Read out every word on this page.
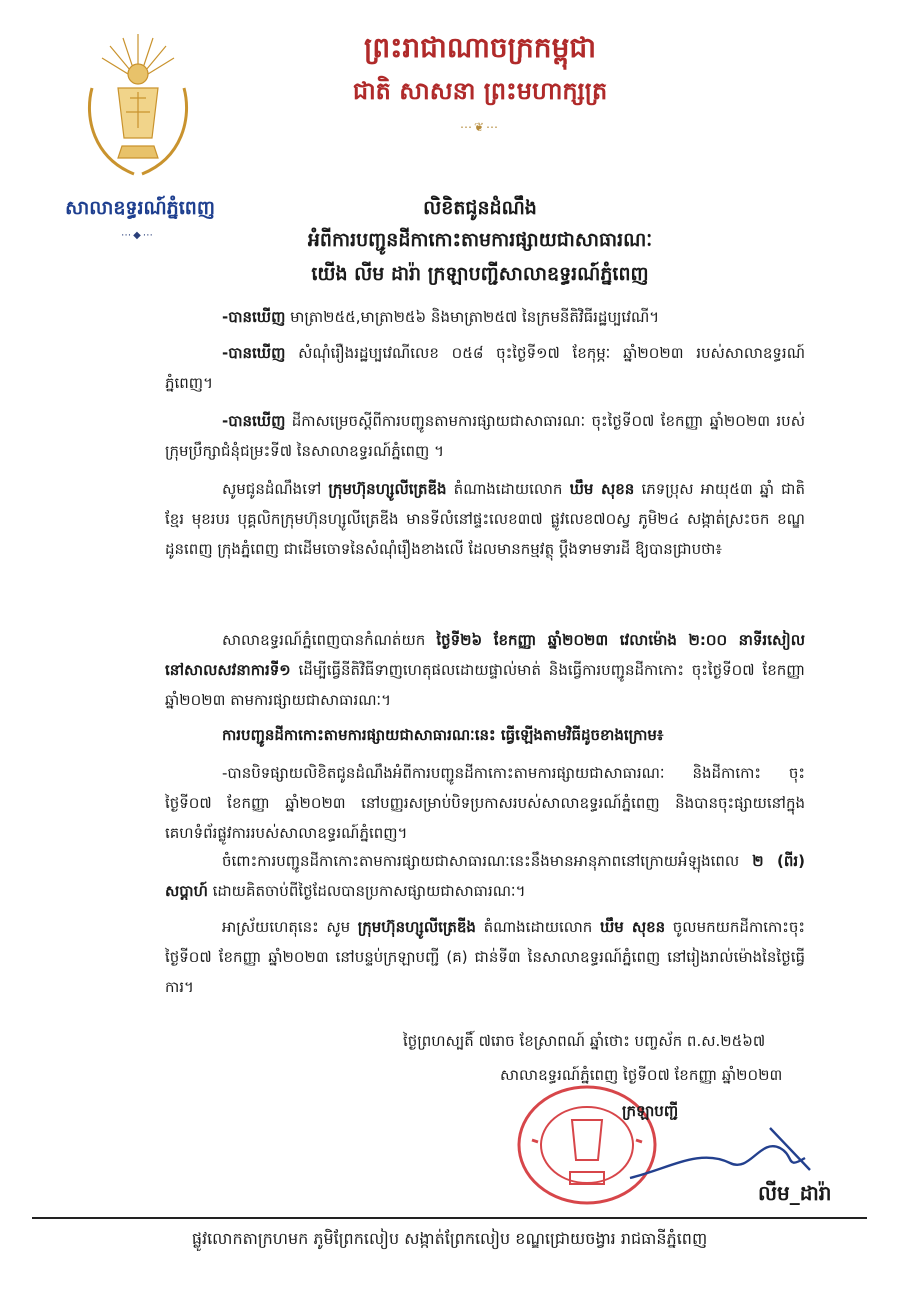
សាលាឧទ្ធរណ៍ភ្នំពេញ
⋯◆⋯
ព្រះរាជាណាចក្រកម្ពុជា
ជាតិ សាសនា ព្រះមហាក្សត្រ
⋯❦⋯
លិខិតជូនដំណឹង
អំពីការបញ្ជូនដីកាកោះតាមការផ្សាយជាសាធារណៈ
យើង លីម ដារ៉ា ក្រឡាបញ្ជីសាលាឧទ្ធរណ៍ភ្នំពេញ
-បានឃើញ មាត្រា២៥៥,មាត្រា២៥៦ និងមាត្រា២៥៧ នៃក្រមនីតិវិធីរដ្ឋប្បវេណី។
-បានឃើញ សំណុំរឿងរដ្ឋប្បវេណីលេខ ០៥៨ ចុះថ្ងៃទី១៧ ខែកុម្ភៈ ឆ្នាំ២០២៣ របស់សាលាឧទ្ធរណ៍ភ្នំពេញ។
-បានឃើញ ដីកាសម្រេចស្តីពីការបញ្ជូនតាមការផ្សាយជាសាធារណៈ ចុះថ្ងៃទី០៧ ខែកញ្ញា ឆ្នាំ២០២៣ របស់ក្រុមប្រឹក្សាជំនុំជម្រះទី៧ នៃសាលាឧទ្ធរណ៍ភ្នំពេញ ។
សូមជូនដំណឹងទៅ ក្រុមហ៊ុនហ្សូលីត្រេឌីង តំណាងដោយលោក ឃឹម សុខន ភេទប្រុស អាយុ៥៣ ឆ្នាំ ជាតិខ្មែរ មុខរបរ បុគ្គលិកក្រុមហ៊ុនហ្សូលីត្រេឌីង មានទីលំនៅផ្ទះលេខ៣៧ ផ្លូវលេខ៧០ស្វ ភូមិ២៤ សង្កាត់ស្រះចក ខណ្ឌដូនពេញ ក្រុងភ្នំពេញ ជាដើមចោទនៃសំណុំរឿងខាងលើ ដែលមានកម្មវត្ថុ ប្តឹងទាមទារដី ឱ្យបានជ្រាបថា៖
សាលាឧទ្ធរណ៍ភ្នំពេញបានកំណត់យក ថ្ងៃទី២៦ ខែកញ្ញា ឆ្នាំ២០២៣ វេលាម៉ោង ២:០០ នាទីរសៀល នៅសាលសវនាការទី១ ដើម្បីធ្វើនីតិវិធីទាញហេតុផលដោយផ្ទាល់មាត់ និងធ្វើការបញ្ជូនដីកាកោះ ចុះថ្ងៃទី០៧ ខែកញ្ញា ឆ្នាំ២០២៣ តាមការផ្សាយជាសាធារណៈ។
ការបញ្ជូនដីកាកោះតាមការផ្សាយជាសាធារណៈនេះ ធ្វើឡើងតាមវិធីដូចខាងក្រោម៖
-បានបិទផ្សាយលិខិតជូនដំណឹងអំពីការបញ្ជូនដីកាកោះតាមការផ្សាយជាសាធារណៈ និងដីកាកោះ ចុះថ្ងៃទី០៧ ខែកញ្ញា ឆ្នាំ២០២៣ នៅបញ្ញរសម្រាប់បិទប្រកាសរបស់សាលាឧទ្ធរណ៍ភ្នំពេញ និងបានចុះផ្សាយនៅក្នុងគេហទំព័រផ្លូវការរបស់សាលាឧទ្ធរណ៍ភ្នំពេញ។
ចំពោះការបញ្ជូនដីកាកោះតាមការផ្សាយជាសាធារណៈនេះនឹងមានអានុភាពនៅក្រោយអំឡុងពេល ២ (ពីរ) សប្តាហ៍ ដោយគិតចាប់ពីថ្ងៃដែលបានប្រកាសផ្សាយជាសាធារណៈ។
អាស្រ័យហេតុនេះ សូម ក្រុមហ៊ុនហ្សូលីត្រេឌីង តំណាងដោយលោក ឃឹម សុខន ចូលមកយកដីកាកោះចុះថ្ងៃទី០៧ ខែកញ្ញា ឆ្នាំ២០២៣ នៅបន្ទប់ក្រឡាបញ្ជី (គ) ជាន់ទី៣ នៃសាលាឧទ្ធរណ៍ភ្នំពេញ នៅរៀងរាល់ម៉ោងនៃថ្ងៃធ្វើការ។
ថ្ងៃព្រហស្បតិ៍ ៧រោច ខែស្រាពណ៍ ឆ្នាំថោះ បញ្ចស័ក ព.ស.២៥៦៧
សាលាឧទ្ធរណ៍ភ្នំពេញ ថ្ងៃទី០៧ ខែកញ្ញា ឆ្នាំ២០២៣
ក្រឡាបញ្ជី
លីម_ដារ៉ា
ផ្លូវលោកតាក្រហមក ភូមិព្រែកលៀប សង្កាត់ព្រែកលៀប ខណ្ឌជ្រោយចង្វារ រាជធានីភ្នំពេញ
